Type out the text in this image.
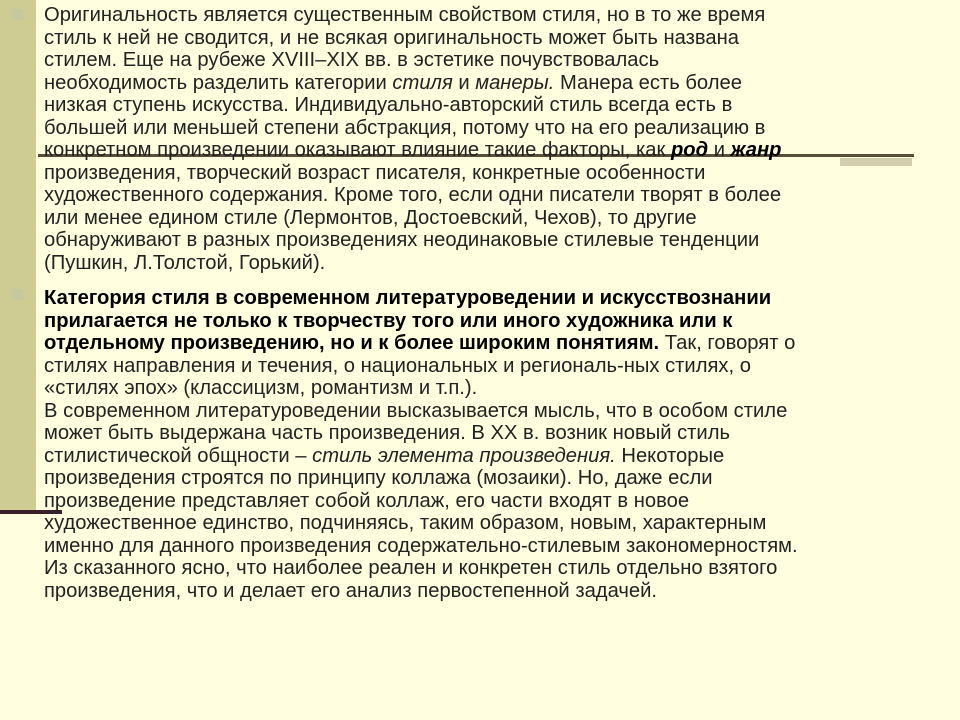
Оригинальность является существенным свойством стиля, но в то же время
стиль к ней не сводится, и не всякая оригинальность может быть названа
стилем. Еще на рубеже XVIII–XIX вв. в эстетике почувствовалась
необходимость разделить категории стиля и манеры. Манера есть более
низкая ступень искусства. Индивидуально-авторский стиль всегда есть в
большей или меньшей степени абстракция, потому что на его реализацию в
конкретном произведении оказывают влияние такие факторы, как род и жанр
произведения, творческий возраст писателя, конкретные особенности
художественного содержания. Кроме того, если одни писатели творят в более
или менее едином стиле (Лермонтов, Достоевский, Чехов), то другие
обнаруживают в разных произведениях неодинаковые стилевые тенденции
(Пушкин, Л.Толстой, Горький).
Категория стиля в современном литературоведении и искусствознании
прилагается не только к творчеству того или иного художника или к
отдельному произведению, но и к более широким понятиям. Так, говорят о
стилях направления и течения, о национальных и региональ-ных стилях, о
«стилях эпох» (классицизм, романтизм и т.п.).
В современном литературоведении высказывается мысль, что в особом стиле
может быть выдержана часть произведения. В XX в. возник новый стиль
стилистической общности – стиль элемента произведения. Некоторые
произведения строятся по принципу коллажа (мозаики). Но, даже если
произведение представляет собой коллаж, его части входят в новое
художественное единство, подчиняясь, таким образом, новым, характерным
именно для данного произведения содержательно-стилевым закономерностям.
Из сказанного ясно, что наиболее реален и конкретен стиль отдельно взятого
произведения, что и делает его анализ первостепенной задачей.
